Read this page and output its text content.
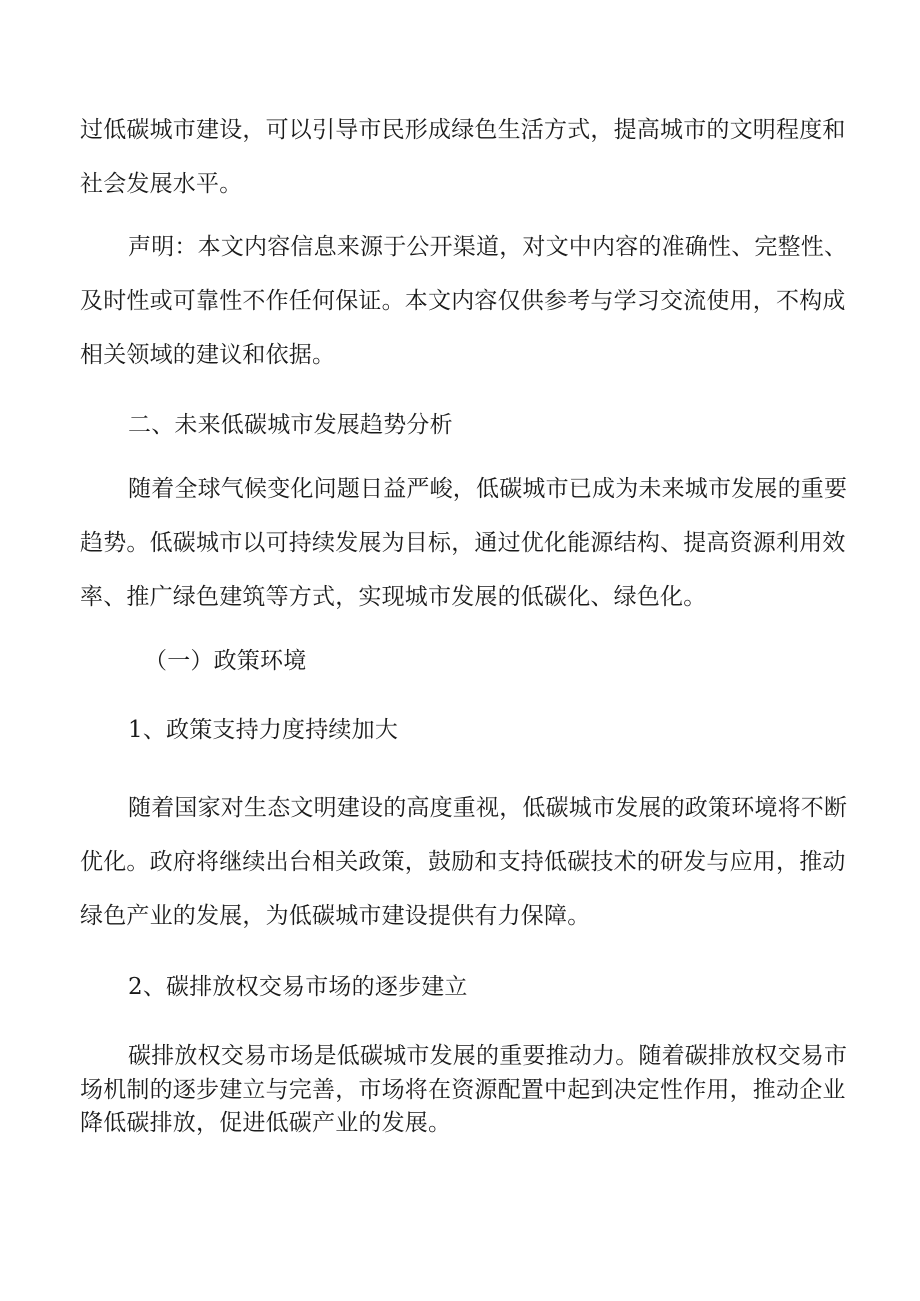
过低碳城市建设，可以引导市民形成绿色生活方式，提高城市的文明程度和
社会发展水平。
声明：本文内容信息来源于公开渠道，对文中内容的准确性、完整性、
及时性或可靠性不作任何保证。本文内容仅供参考与学习交流使用，不构成
相关领域的建议和依据。
二、未来低碳城市发展趋势分析
随着全球气候变化问题日益严峻，低碳城市已成为未来城市发展的重要
趋势。低碳城市以可持续发展为目标，通过优化能源结构、提高资源利用效
率、推广绿色建筑等方式，实现城市发展的低碳化、绿色化。
（一）政策环境
1、政策支持力度持续加大
随着国家对生态文明建设的高度重视，低碳城市发展的政策环境将不断
优化。政府将继续出台相关政策，鼓励和支持低碳技术的研发与应用，推动
绿色产业的发展，为低碳城市建设提供有力保障。
2、碳排放权交易市场的逐步建立
碳排放权交易市场是低碳城市发展的重要推动力。随着碳排放权交易市
场机制的逐步建立与完善，市场将在资源配置中起到决定性作用，推动企业
降低碳排放，促进低碳产业的发展。
